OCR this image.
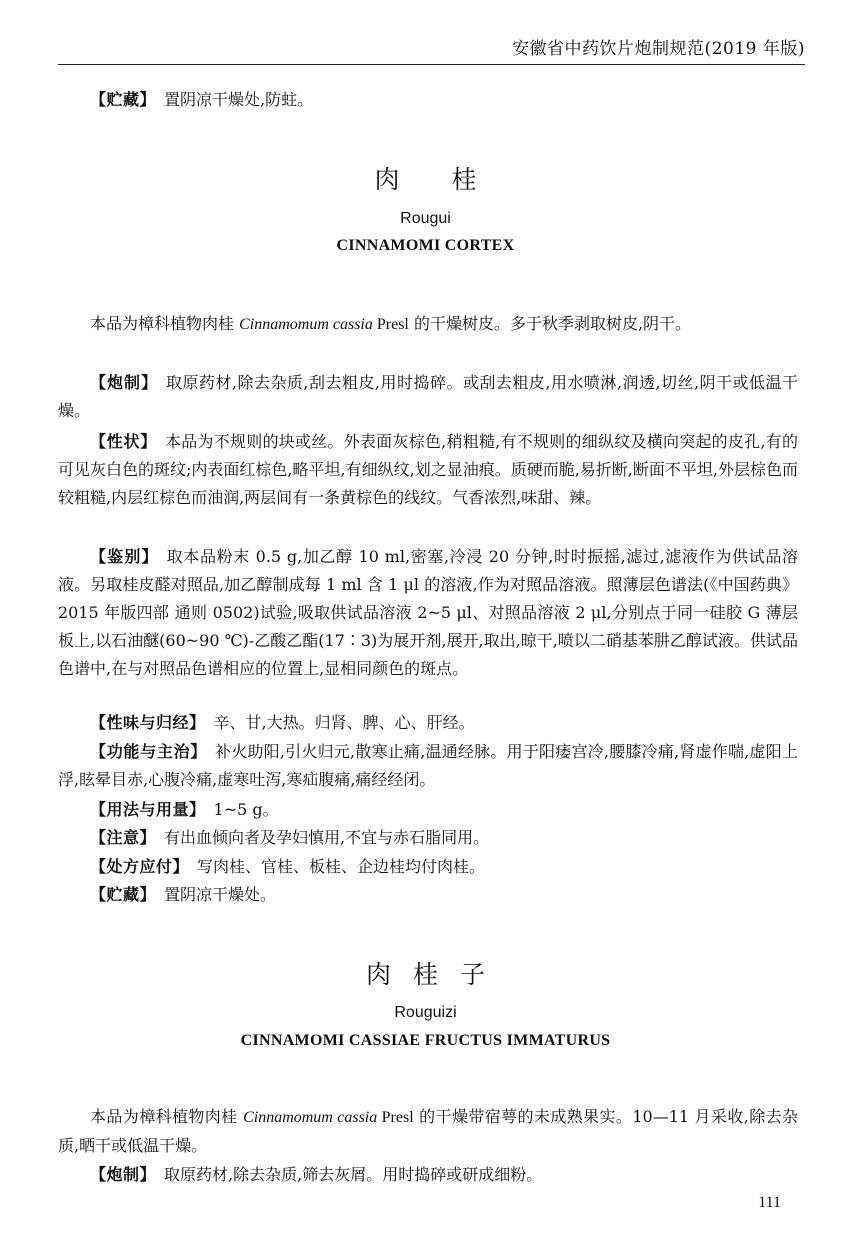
安徽省中药饮片炮制规范(2019 年版)
【贮藏】 置阴凉干燥处,防蛀。
肉 桂
Rougui
CINNAMOMI CORTEX
本品为樟科植物肉桂 Cinnamomum cassia Presl 的干燥树皮。多于秋季剥取树皮,阴干。
【炮制】 取原药材,除去杂质,刮去粗皮,用时捣碎。或刮去粗皮,用水喷淋,润透,切丝,阴干或低温干燥。
【性状】 本品为不规则的块或丝。外表面灰棕色,稍粗糙,有不规则的细纵纹及横向突起的皮孔,有的可见灰白色的斑纹;内表面红棕色,略平坦,有细纵纹,划之显油痕。质硬而脆,易折断,断面不平坦,外层棕色而较粗糙,内层红棕色而油润,两层间有一条黄棕色的线纹。气香浓烈,味甜、辣。
【鉴别】 取本品粉末 0.5 g,加乙醇 10 ml,密塞,冷浸 20 分钟,时时振摇,滤过,滤液作为供试品溶液。另取桂皮醛对照品,加乙醇制成每 1 ml 含 1 μl 的溶液,作为对照品溶液。照薄层色谱法(《中国药典》2015 年版四部 通则 0502)试验,吸取供试品溶液 2~5 μl、对照品溶液 2 μl,分别点于同一硅胶 G 薄层板上,以石油醚(60~90 ℃)-乙酸乙酯(17∶3)为展开剂,展开,取出,晾干,喷以二硝基苯肼乙醇试液。供试品色谱中,在与对照品色谱相应的位置上,显相同颜色的斑点。
【性味与归经】 辛、甘,大热。归肾、脾、心、肝经。
【功能与主治】 补火助阳,引火归元,散寒止痛,温通经脉。用于阳痿宫冷,腰膝冷痛,肾虚作喘,虚阳上浮,眩晕目赤,心腹冷痛,虚寒吐泻,寒疝腹痛,痛经经闭。
【用法与用量】 1~5 g。
【注意】 有出血倾向者及孕妇慎用,不宜与赤石脂同用。
【处方应付】 写肉桂、官桂、板桂、企边桂均付肉桂。
【贮藏】 置阴凉干燥处。
肉 桂 子
Rouguizi
CINNAMOMI CASSIAE FRUCTUS IMMATURUS
本品为樟科植物肉桂 Cinnamomum cassia Presl 的干燥带宿萼的未成熟果实。10—11 月采收,除去杂质,晒干或低温干燥。
【炮制】 取原药材,除去杂质,筛去灰屑。用时捣碎或研成细粉。
111
